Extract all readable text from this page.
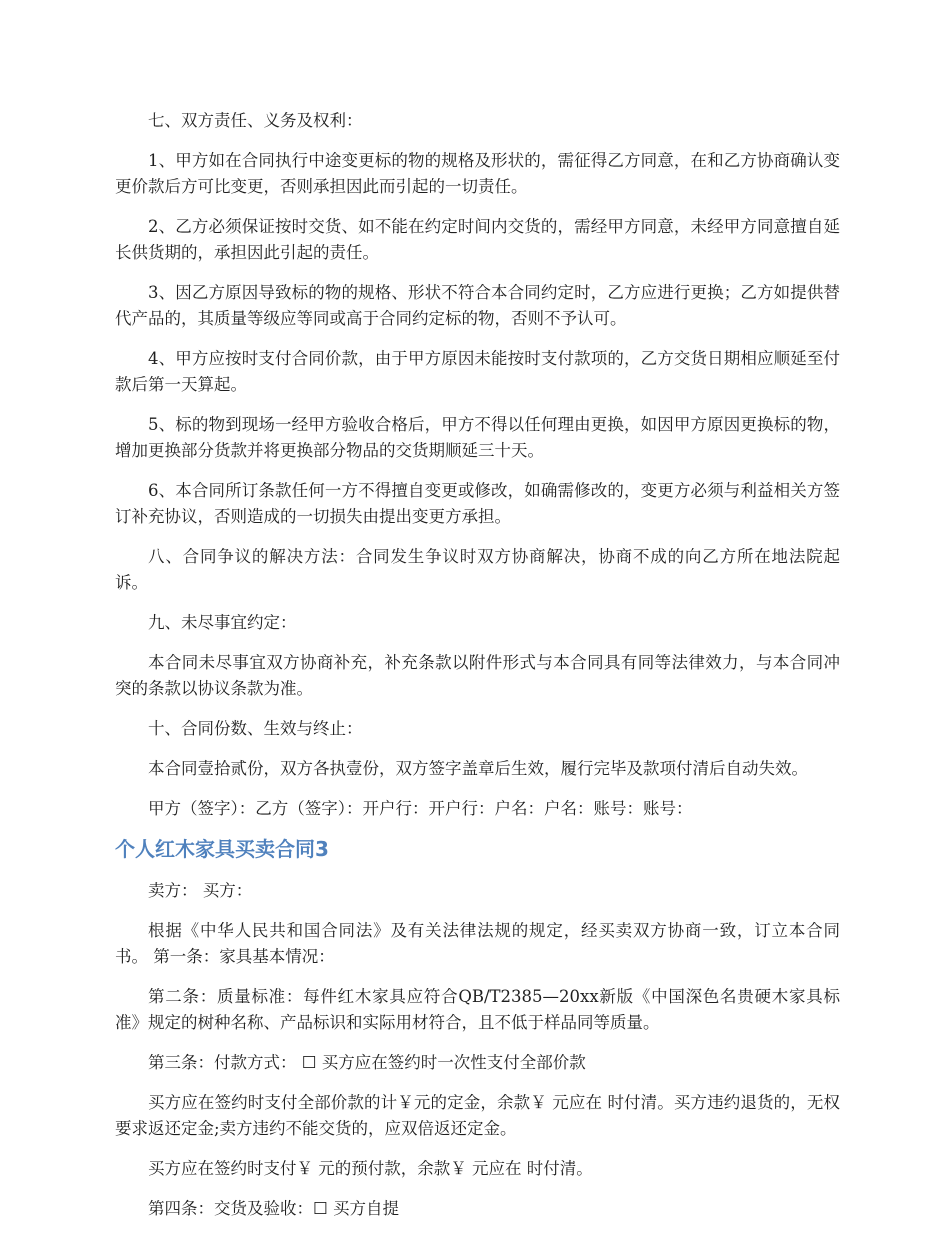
七、双方责任、义务及权利：

1、甲方如在合同执行中途变更标的物的规格及形状的，需征得乙方同意，在和乙方协商确认变更价款后方可比变更，否则承担因此而引起的一切责任。

2、乙方必须保证按时交货、如不能在约定时间内交货的，需经甲方同意，未经甲方同意擅自延长供货期的，承担因此引起的责任。

3、因乙方原因导致标的物的规格、形状不符合本合同约定时，乙方应进行更换；乙方如提供替代产品的，其质量等级应等同或高于合同约定标的物，否则不予认可。

4、甲方应按时支付合同价款，由于甲方原因未能按时支付款项的，乙方交货日期相应顺延至付款后第一天算起。

5、标的物到现场一经甲方验收合格后，甲方不得以任何理由更换，如因甲方原因更换标的物，增加更换部分货款并将更换部分物品的交货期顺延三十天。

6、本合同所订条款任何一方不得擅自变更或修改，如确需修改的，变更方必须与利益相关方签订补充协议，否则造成的一切损失由提出变更方承担。

八、合同争议的解决方法：合同发生争议时双方协商解决，协商不成的向乙方所在地法院起诉。

九、未尽事宜约定：

本合同未尽事宜双方协商补充，补充条款以附件形式与本合同具有同等法律效力，与本合同冲突的条款以协议条款为准。

十、合同份数、生效与终止：

本合同壹拾贰份，双方各执壹份，双方签字盖章后生效，履行完毕及款项付清后自动失效。

甲方（签字）：乙方（签字）：开户行：开户行：户名：户名：账号：账号：

个人红木家具买卖合同3

卖方： 买方：

根据《中华人民共和国合同法》及有关法律法规的规定，经买卖双方协商一致，订立本合同书。 第一条：家具基本情况：

第二条：质量标准：每件红木家具应符合QB/T2385—20xx新版《中国深色名贵硬木家具标准》规定的树种名称、产品标识和实际用材符合，且不低于样品同等质量。

第三条：付款方式： ☐ 买方应在签约时一次性支付全部价款

买方应在签约时支付全部价款的计￥元的定金，余款￥ 元应在 时付清。买方违约退货的，无权要求返还定金;卖方违约不能交货的，应双倍返还定金。

买方应在签约时支付￥ 元的预付款，余款￥ 元应在 时付清。

第四条：交货及验收：☐ 买方自提
